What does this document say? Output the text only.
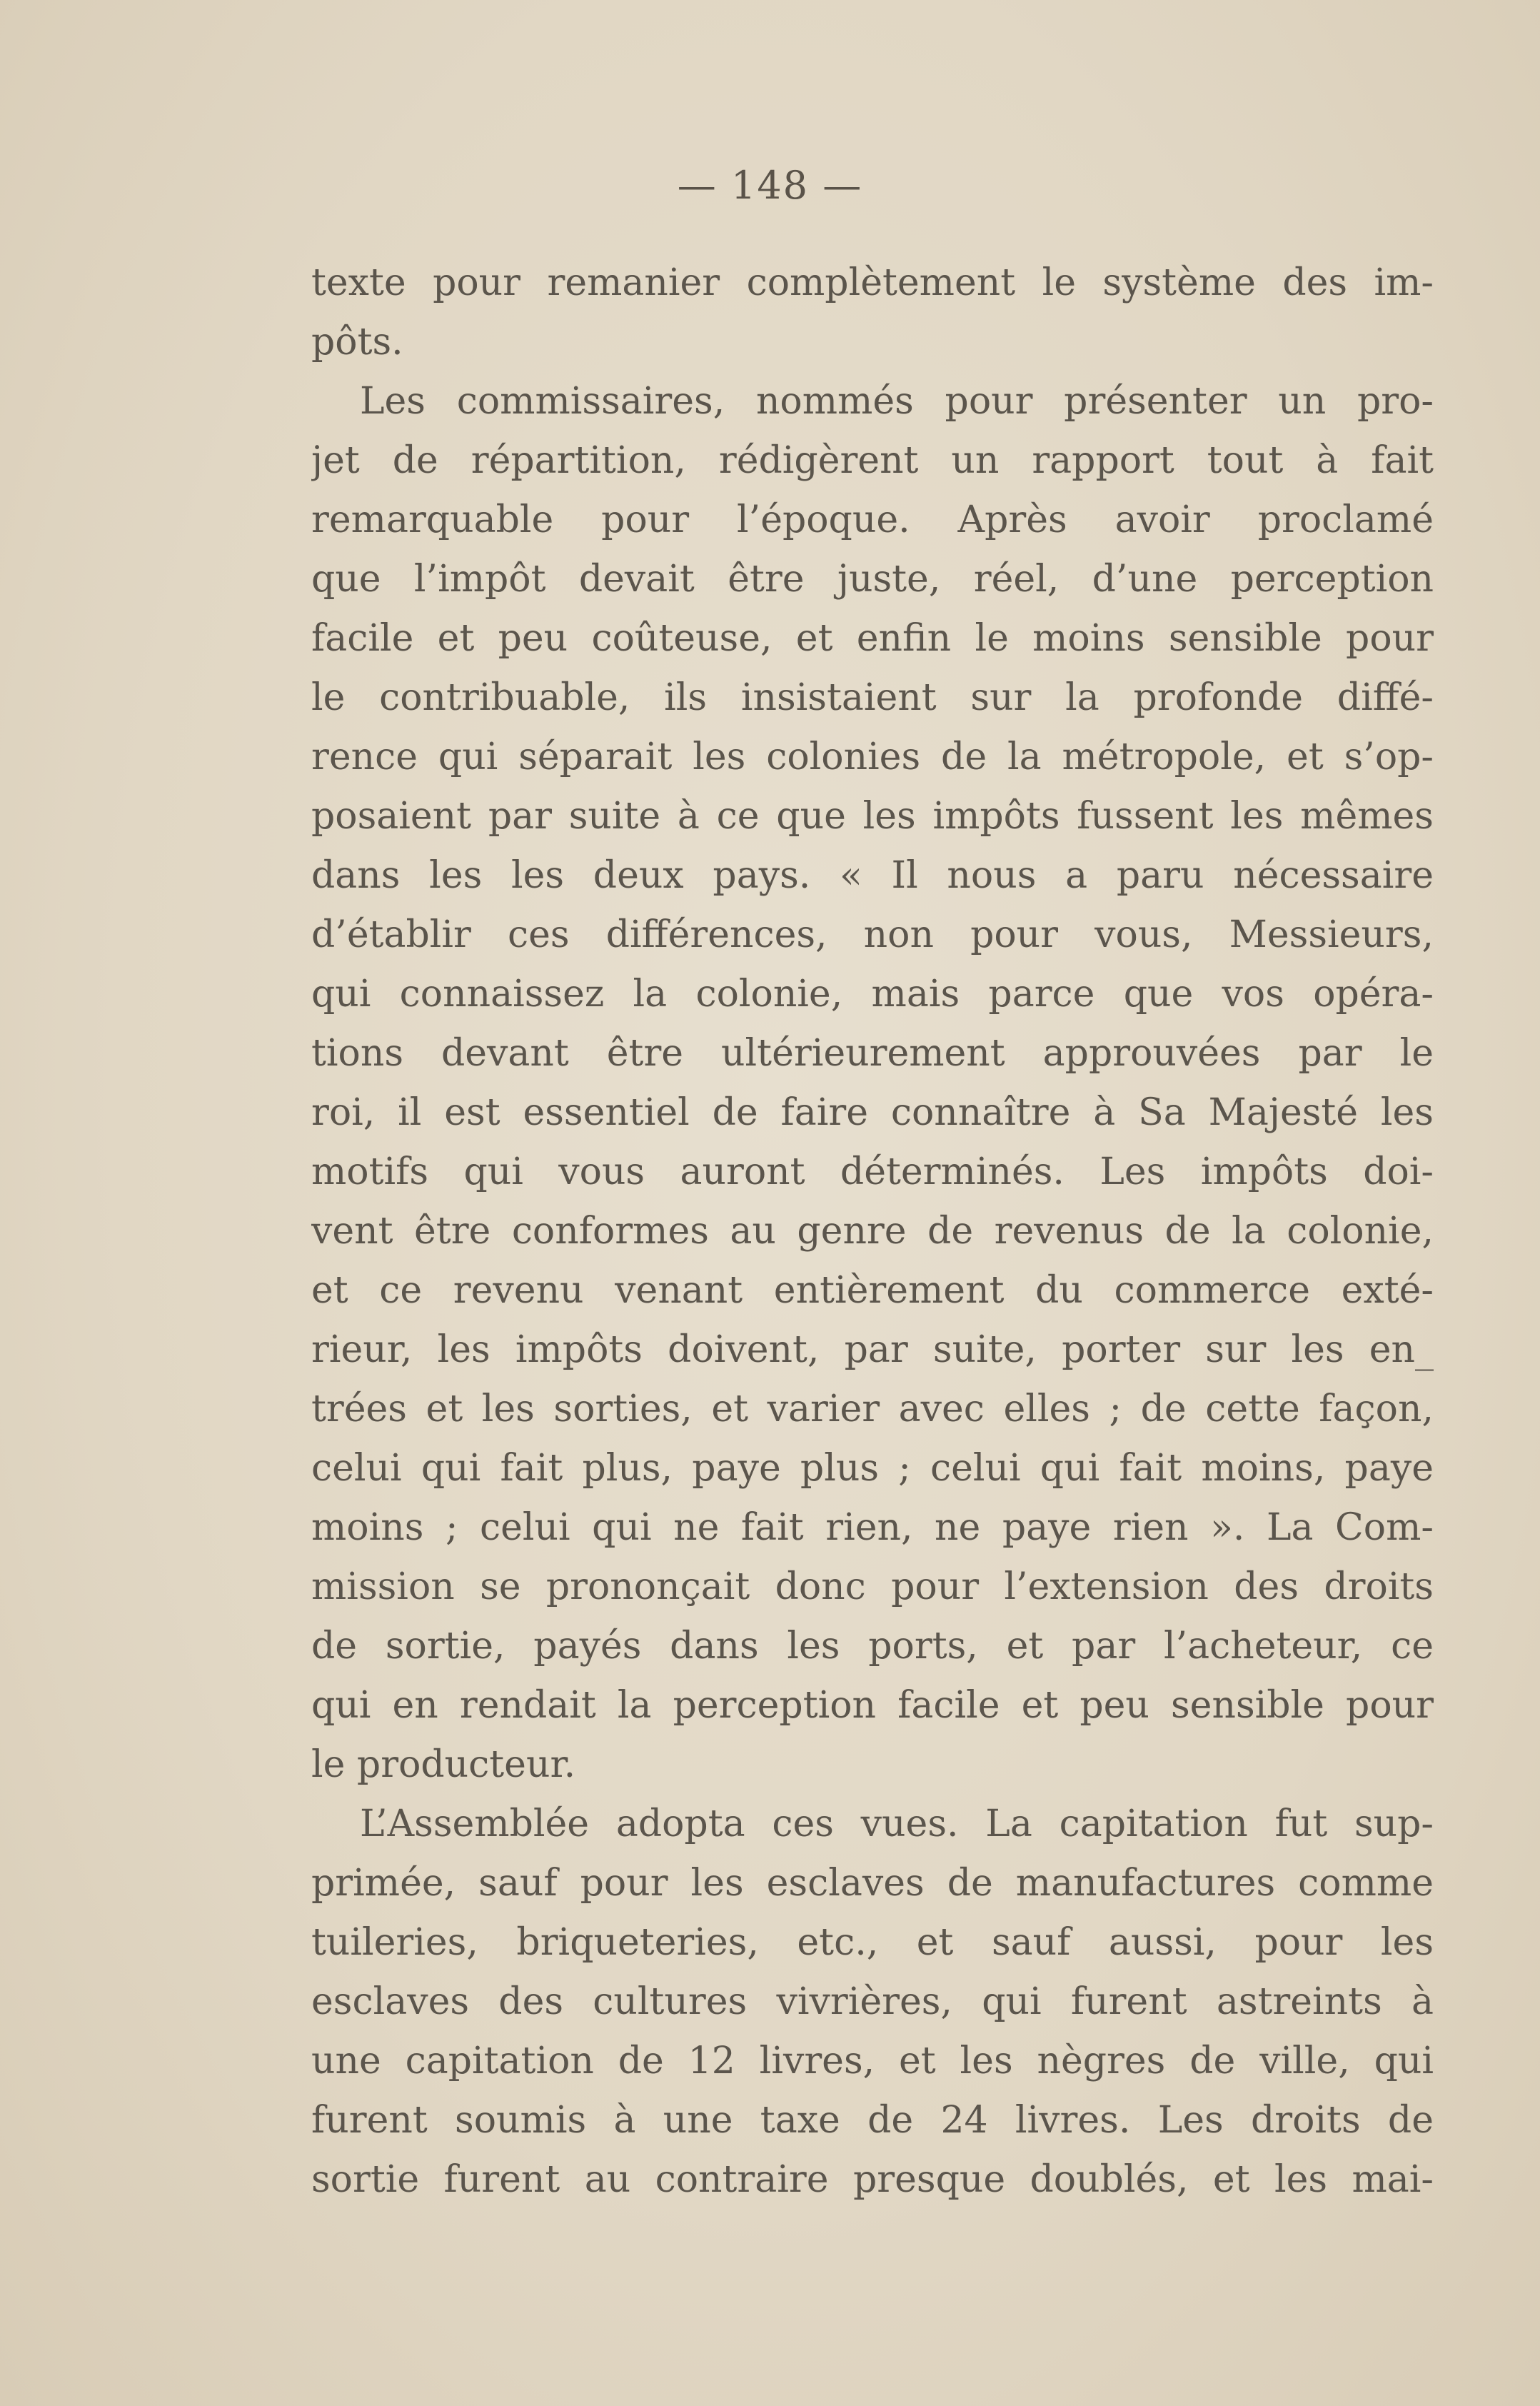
— 148 —
texte pour remanier complètement le système des im-
pôts.
Les commissaires, nommés pour présenter un pro-
jet de répartition, rédigèrent un rapport tout à fait
remarquable pour l’époque. Après avoir proclamé
que l’impôt devait être juste, réel, d’une perception
facile et peu coûteuse, et enfin le moins sensible pour
le contribuable, ils insistaient sur la profonde diffé-
rence qui séparait les colonies de la métropole, et s’op-
posaient par suite à ce que les impôts fussent les mêmes
dans les les deux pays. « Il nous a paru nécessaire
d’établir ces différences, non pour vous, Messieurs,
qui connaissez la colonie, mais parce que vos opéra-
tions devant être ultérieurement approuvées par le
roi, il est essentiel de faire connaître à Sa Majesté les
motifs qui vous auront déterminés. Les impôts doi-
vent être conformes au genre de revenus de la colonie,
et ce revenu venant entièrement du commerce exté-
rieur, les impôts doivent, par suite, porter sur les en_
trées et les sorties, et varier avec elles ; de cette façon,
celui qui fait plus, paye plus ; celui qui fait moins, paye
moins ; celui qui ne fait rien, ne paye rien ». La Com-
mission se prononçait donc pour l’extension des droits
de sortie, payés dans les ports, et par l’acheteur, ce
qui en rendait la perception facile et peu sensible pour
le producteur.
L’Assemblée adopta ces vues. La capitation fut sup-
primée, sauf pour les esclaves de manufactures comme
tuileries, briqueteries, etc., et sauf aussi, pour les
esclaves des cultures vivrières, qui furent astreints à
une capitation de 12 livres, et les nègres de ville, qui
furent soumis à une taxe de 24 livres. Les droits de
sortie furent au contraire presque doublés, et les mai-
